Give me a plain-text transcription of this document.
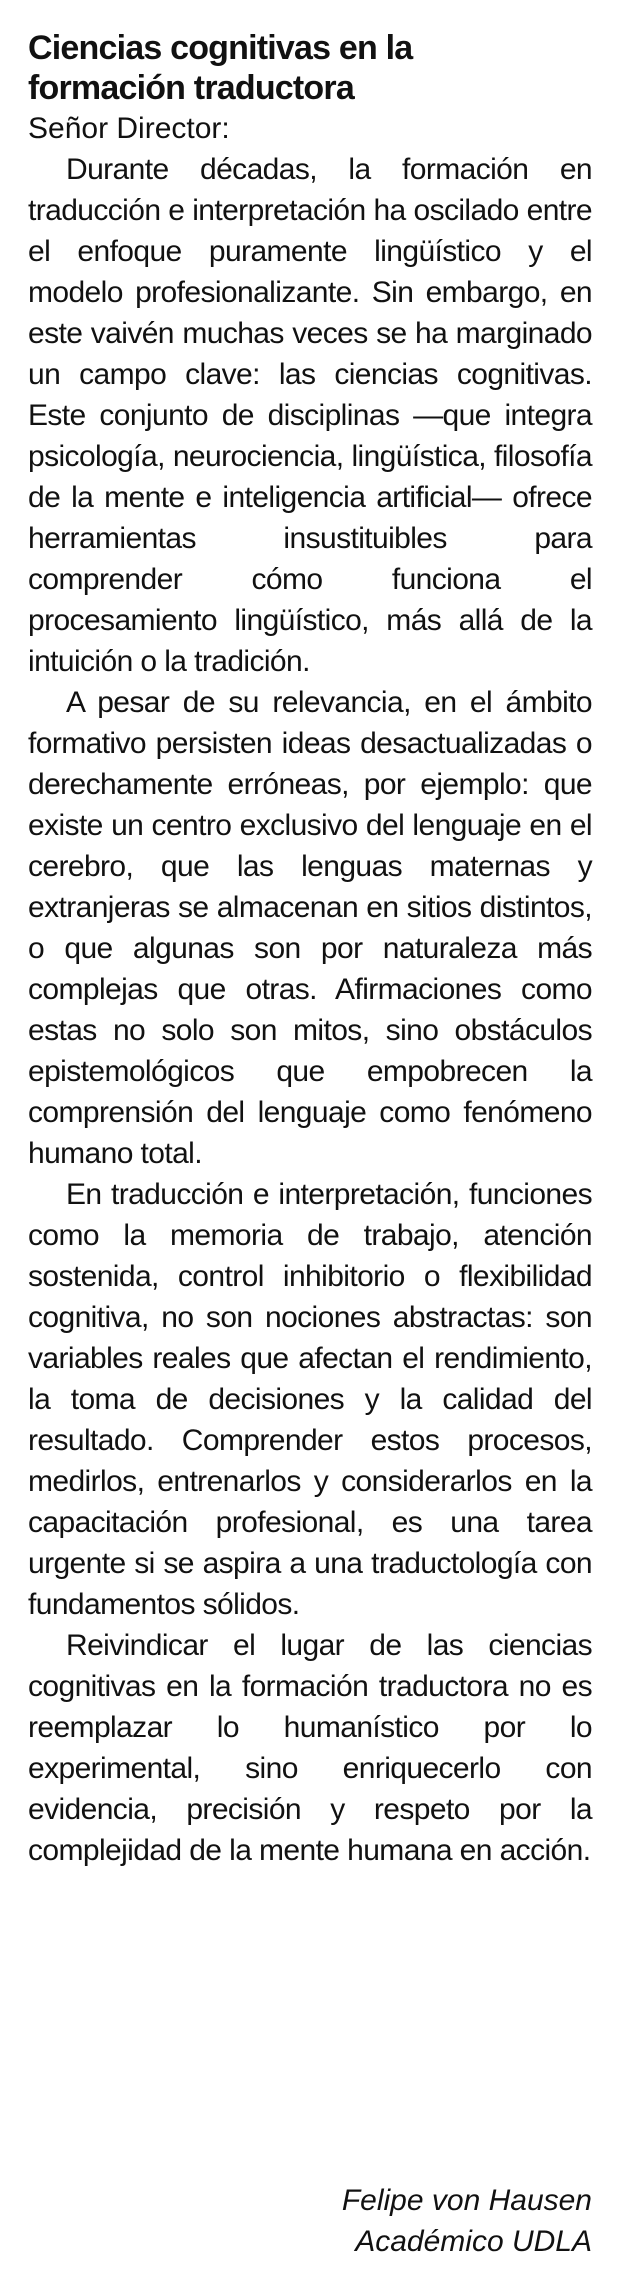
Ciencias cognitivas en la
formación traductora

Señor Director:

Durante décadas, la formación en traducción e interpretación ha oscilado entre el enfoque puramente lingüístico y el modelo profesionalizante. Sin embargo, en este vaivén muchas veces se ha marginado un campo clave: las ciencias cognitivas. Este conjunto de disciplinas —que integra psicología, neurociencia, lingüística, filosofía de la mente e inteligencia artificial— ofrece herramientas insustituibles para comprender cómo funciona el procesamiento lingüístico, más allá de la intuición o la tradición.

A pesar de su relevancia, en el ámbito formativo persisten ideas desactualizadas o derechamente erróneas, por ejemplo: que existe un centro exclusivo del lenguaje en el cerebro, que las lenguas maternas y extranjeras se almacenan en sitios distintos, o que algunas son por naturaleza más complejas que otras. Afirmaciones como estas no solo son mitos, sino obstáculos epistemológicos que empobrecen la comprensión del lenguaje como fenómeno humano total.

En traducción e interpretación, funciones como la memoria de trabajo, atención sostenida, control inhibitorio o flexibilidad cognitiva, no son nociones abstractas: son variables reales que afectan el rendimiento, la toma de decisiones y la calidad del resultado. Comprender estos procesos, medirlos, entrenarlos y considerarlos en la capacitación profesional, es una tarea urgente si se aspira a una traductología con fundamentos sólidos.

Reivindicar el lugar de las ciencias cognitivas en la formación traductora no es reemplazar lo humanístico por lo experimental, sino enriquecerlo con evidencia, precisión y respeto por la complejidad de la mente humana en acción.

Felipe von Hausen
Académico UDLA
